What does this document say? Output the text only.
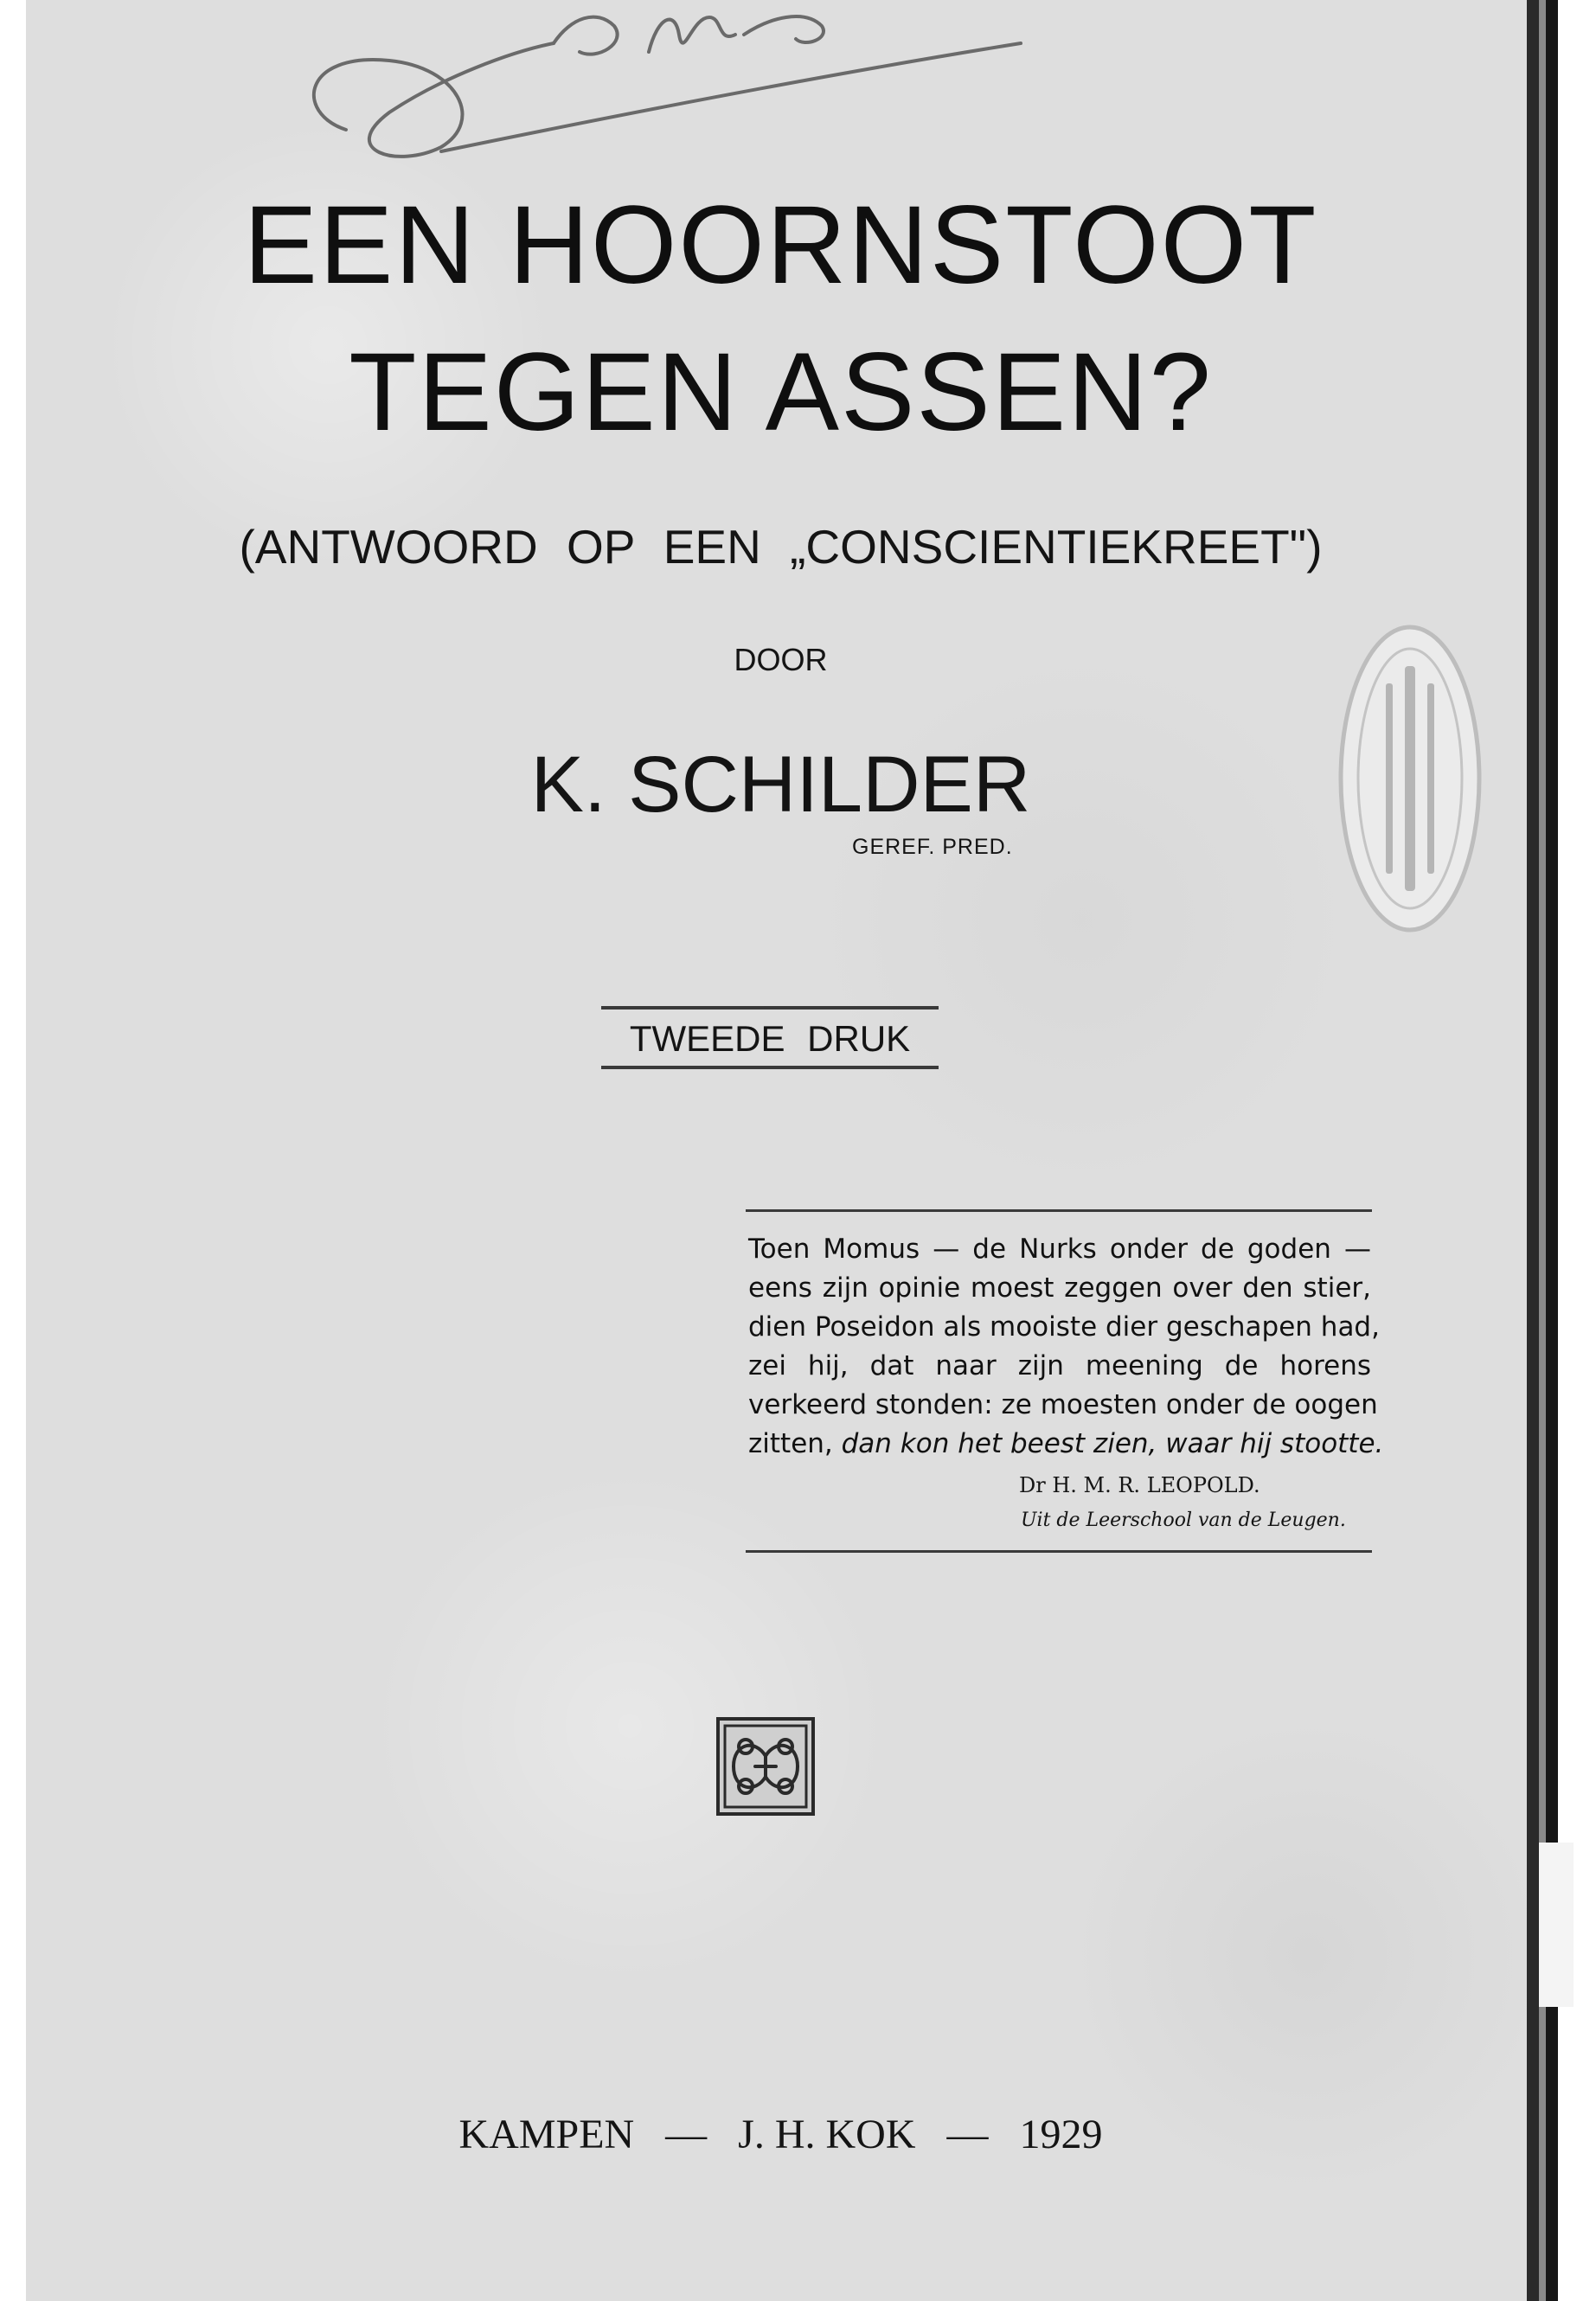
EEN HOORNSTOOT
TEGEN ASSEN?
(ANTWOORD OP EEN „CONSCIENTIEKREET")
DOOR
K. SCHILDER
GEREF. PRED.
TWEEDE DRUK
Toen Momus — de Nurks onder de goden —
eens zijn opinie moest zeggen over den stier,
dien Poseidon als mooiste dier geschapen had,
zei hij, dat naar zijn meening de horens
verkeerd stonden: ze moesten onder de oogen
zitten, dan kon het beest zien, waar hij stootte.
Dr H. M. R. LEOPOLD.
Uit de Leerschool van de Leugen.
KAMPEN — J. H. KOK — 1929
